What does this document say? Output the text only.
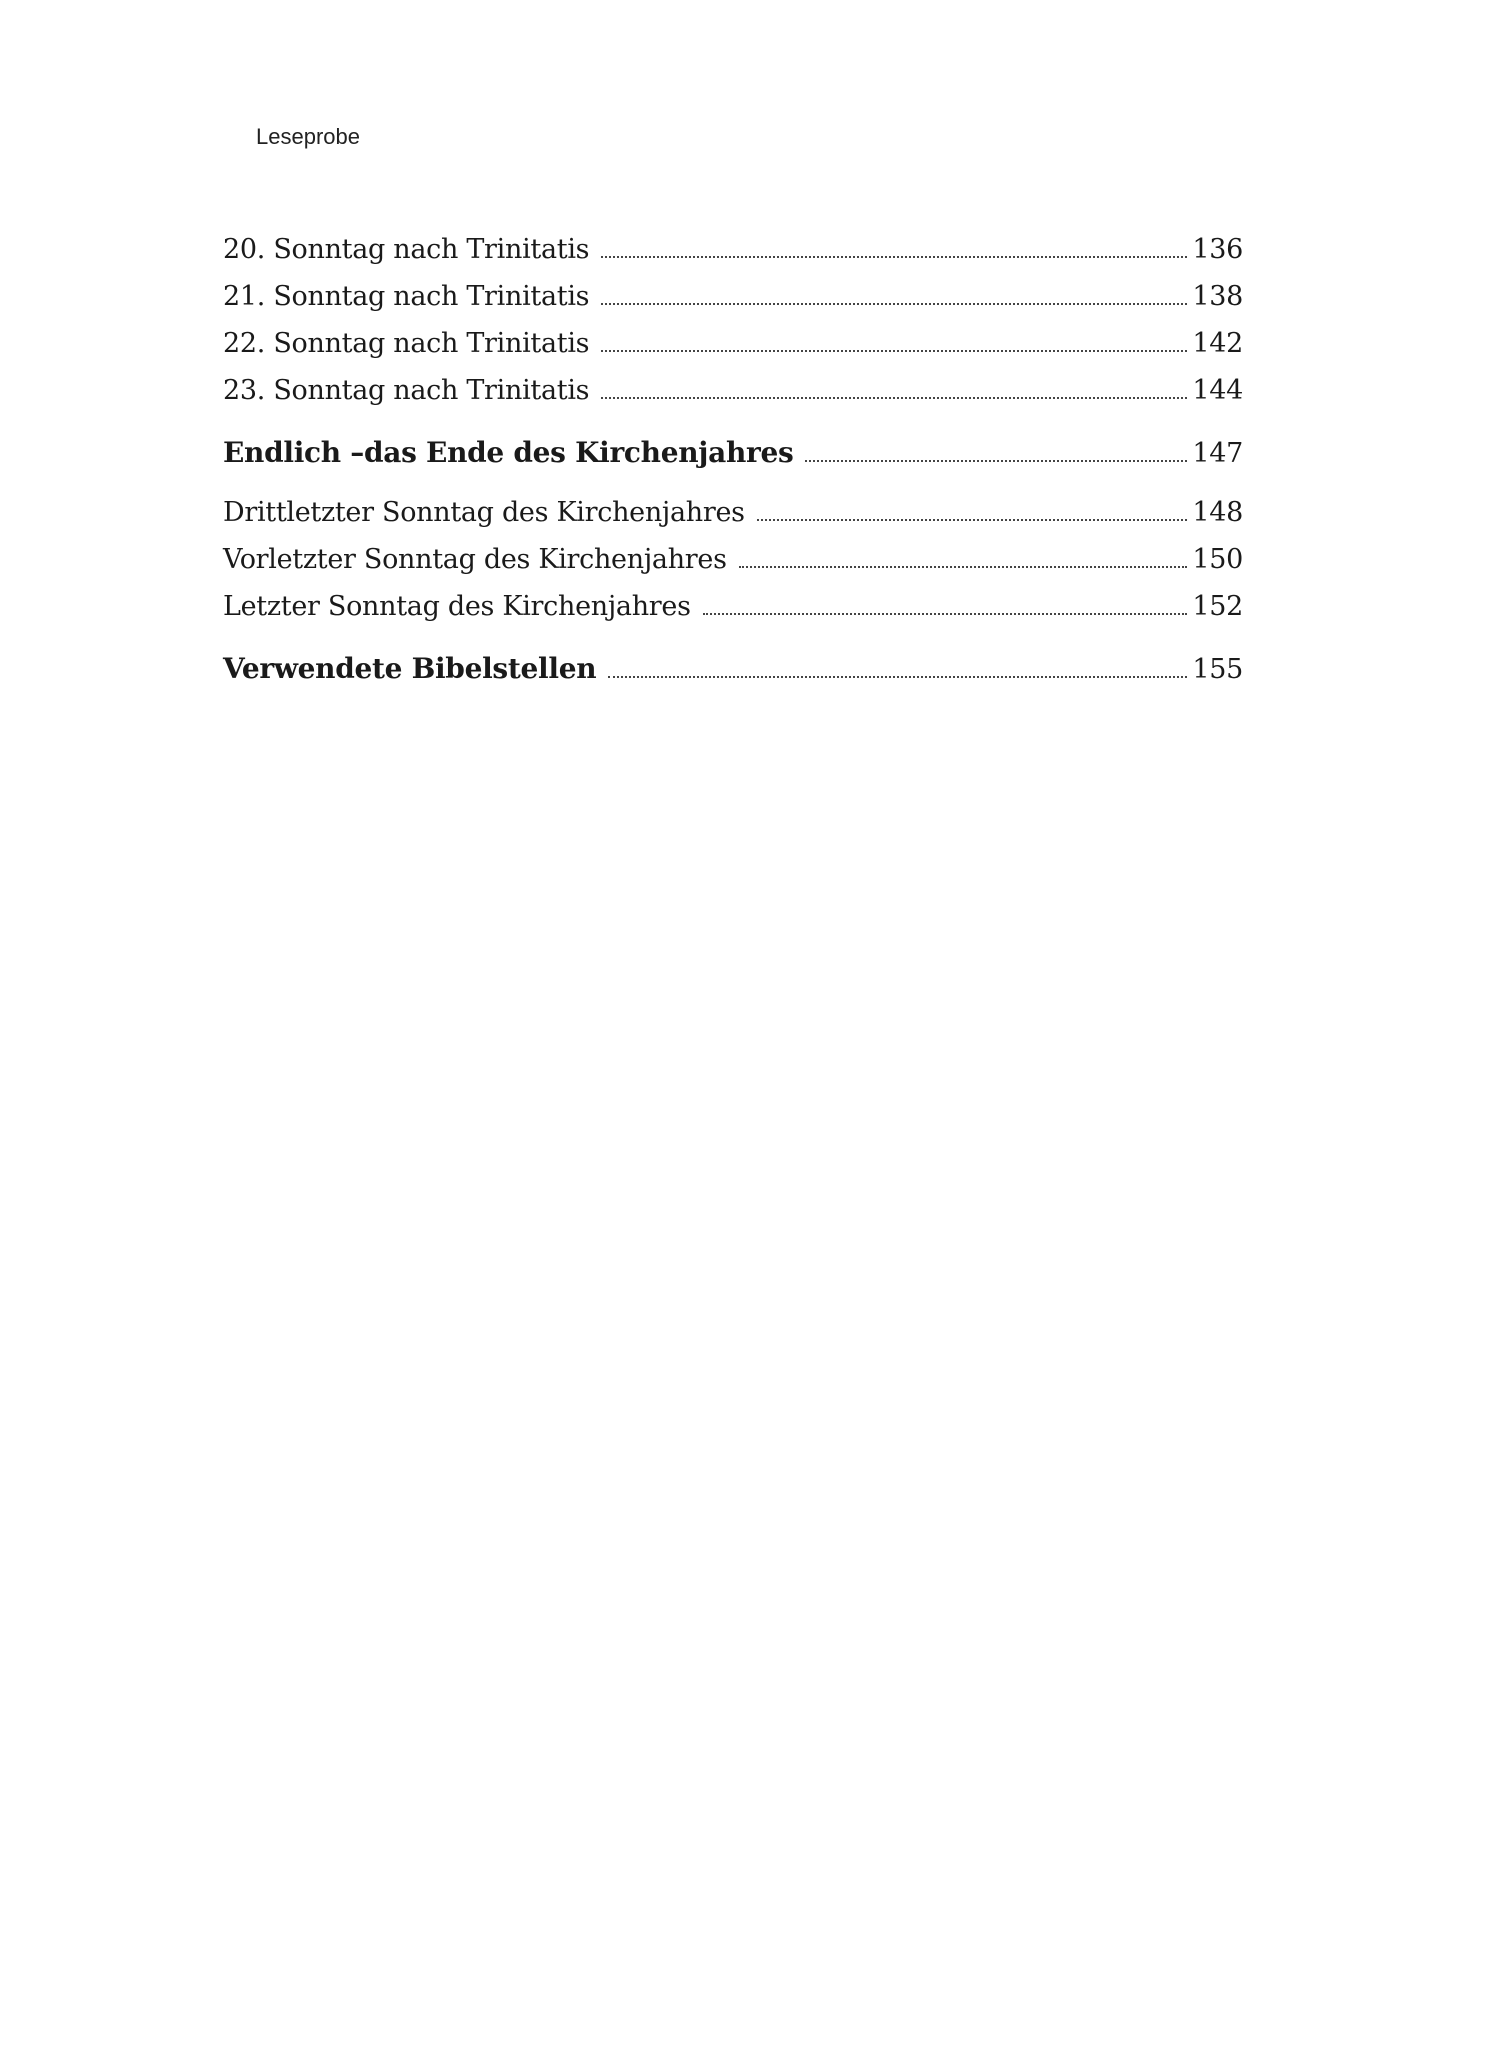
Leseprobe
20. Sonntag nach Trinitatis	136
21. Sonntag nach Trinitatis	138
22. Sonntag nach Trinitatis	142
23. Sonntag nach Trinitatis	144
Endlich –das Ende des Kirchenjahres	147
Drittletzter Sonntag des Kirchenjahres	148
Vorletzter Sonntag des Kirchenjahres	150
Letzter Sonntag des Kirchenjahres	152
Verwendete Bibelstellen	155
